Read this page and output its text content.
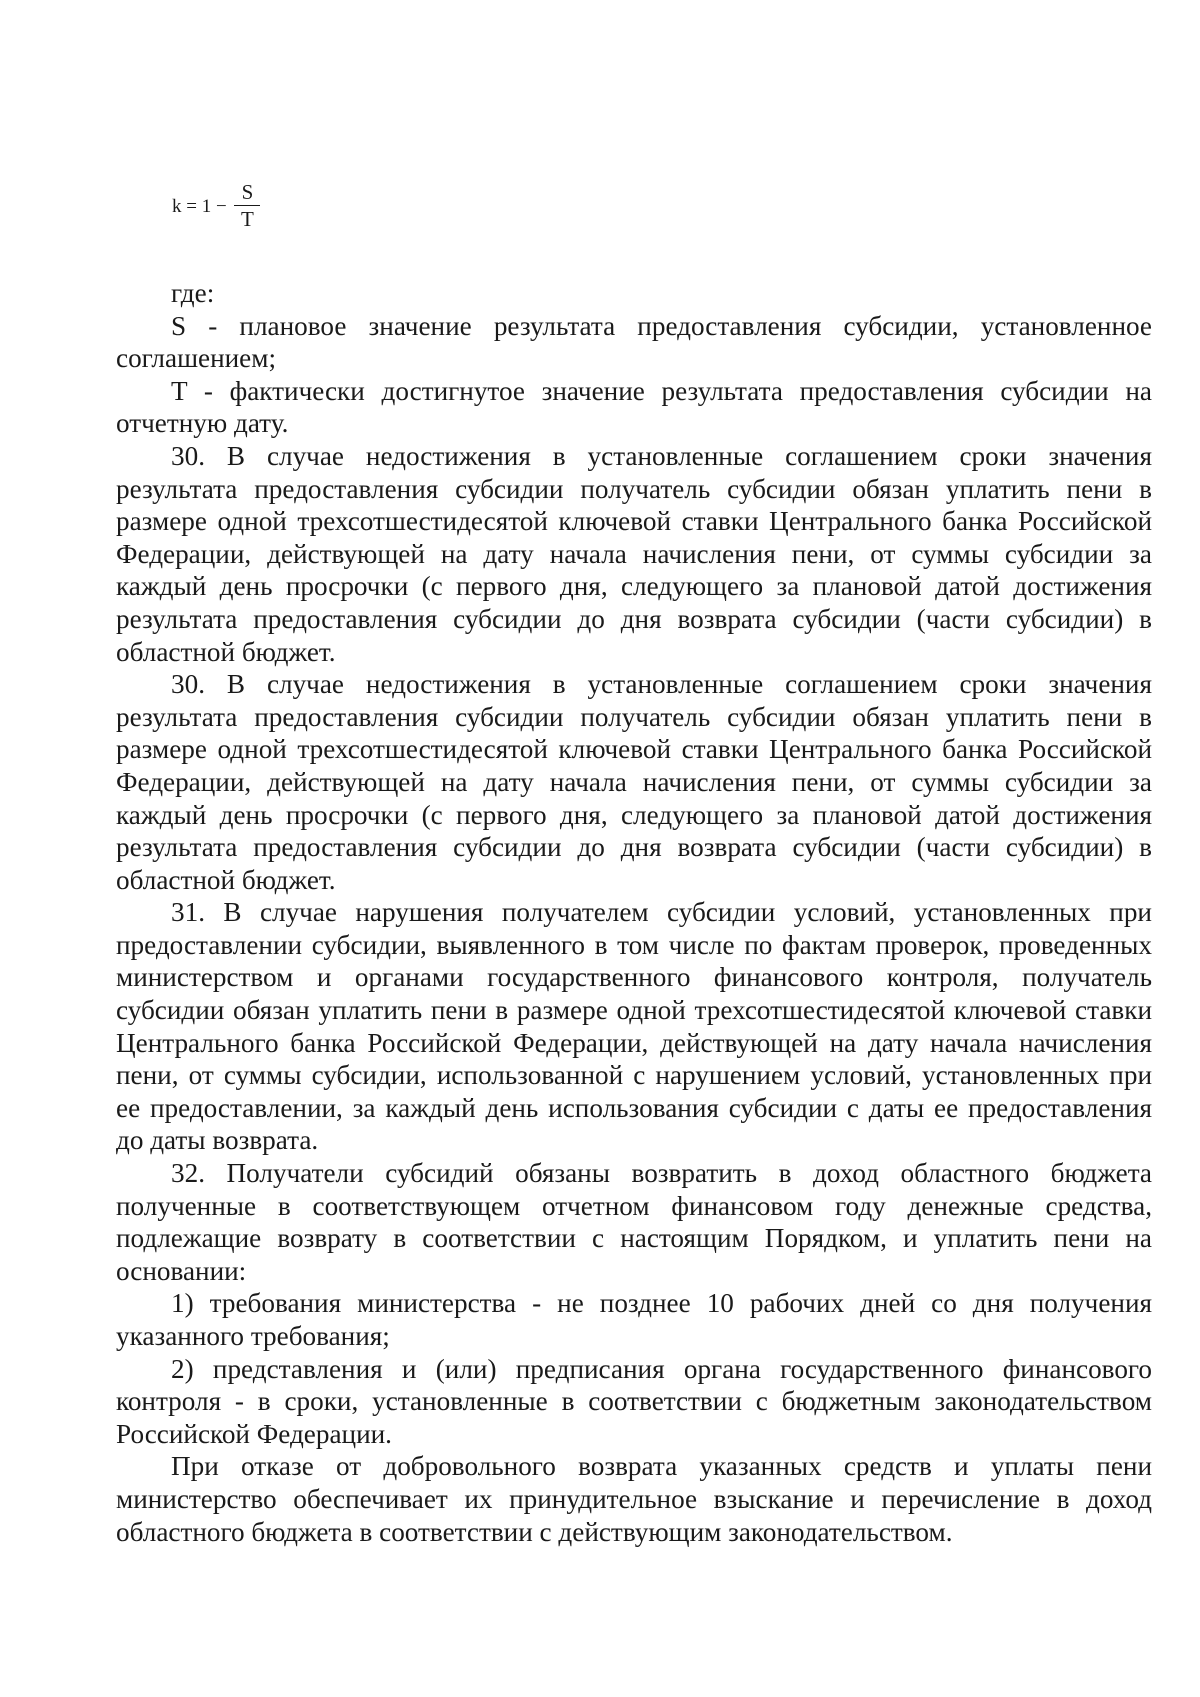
$k = 1 - \frac{S}{T}$

где:

S - плановое значение результата предоставления субсидии, установленное соглашением;

T - фактически достигнутое значение результата предоставления субсидии на отчетную дату.

30. В случае недостижения в установленные соглашением сроки значения результата предоставления субсидии получатель субсидии обязан уплатить пени в размере одной трехсотшестидесятой ключевой ставки Центрального банка Российской Федерации, действующей на дату начала начисления пени, от суммы субсидии за каждый день просрочки (с первого дня, следующего за плановой датой достижения результата предоставления субсидии до дня возврата субсидии (части субсидии) в областной бюджет.

30. В случае недостижения в установленные соглашением сроки значения результата предоставления субсидии получатель субсидии обязан уплатить пени в размере одной трехсотшестидесятой ключевой ставки Центрального банка Российской Федерации, действующей на дату начала начисления пени, от суммы субсидии за каждый день просрочки (с первого дня, следующего за плановой датой достижения результата предоставления субсидии до дня возврата субсидии (части субсидии) в областной бюджет.

31. В случае нарушения получателем субсидии условий, установленных при предоставлении субсидии, выявленного в том числе по фактам проверок, проведенных министерством и органами государственного финансового контроля, получатель субсидии обязан уплатить пени в размере одной трехсотшестидесятой ключевой ставки Центрального банка Российской Федерации, действующей на дату начала начисления пени, от суммы субсидии, использованной с нарушением условий, установленных при ее предоставлении, за каждый день использования субсидии с даты ее предоставления до даты возврата.

32. Получатели субсидий обязаны возвратить в доход областного бюджета полученные в соответствующем отчетном финансовом году денежные средства, подлежащие возврату в соответствии с настоящим Порядком, и уплатить пени на основании:

1) требования министерства - не позднее 10 рабочих дней со дня получения указанного требования;

2) представления и (или) предписания органа государственного финансового контроля - в сроки, установленные в соответствии с бюджетным законодательством Российской Федерации.

При отказе от добровольного возврата указанных средств и уплаты пени министерство обеспечивает их принудительное взыскание и перечисление в доход областного бюджета в соответствии с действующим законодательством.
